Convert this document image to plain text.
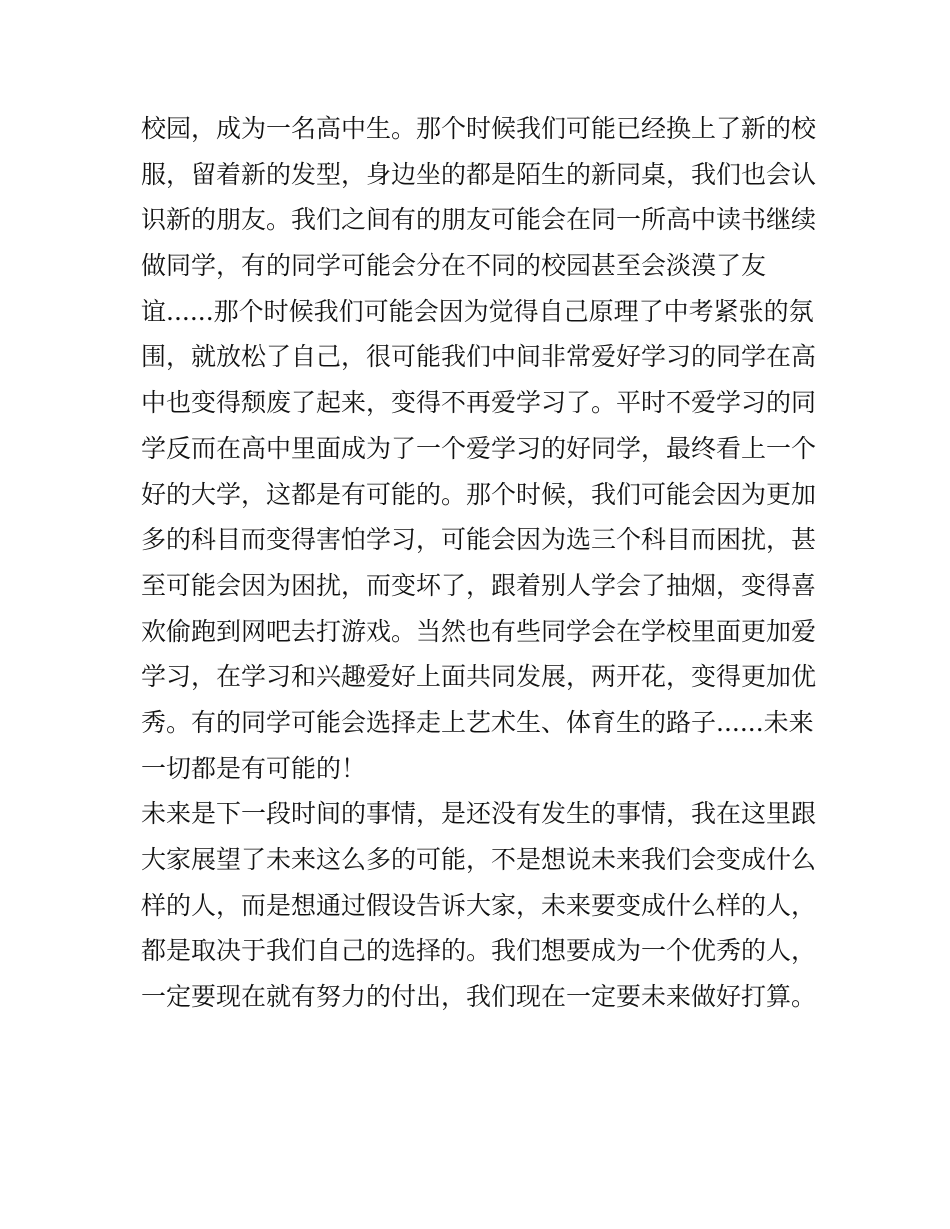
校园，成为一名高中生。那个时候我们可能已经换上了新的校
服，留着新的发型，身边坐的都是陌生的新同桌，我们也会认
识新的朋友。我们之间有的朋友可能会在同一所高中读书继续
做同学，有的同学可能会分在不同的校园甚至会淡漠了友
谊......那个时候我们可能会因为觉得自己原理了中考紧张的氛
围，就放松了自己，很可能我们中间非常爱好学习的同学在高
中也变得颓废了起来，变得不再爱学习了。平时不爱学习的同
学反而在高中里面成为了一个爱学习的好同学，最终看上一个
好的大学，这都是有可能的。那个时候，我们可能会因为更加
多的科目而变得害怕学习，可能会因为选三个科目而困扰，甚
至可能会因为困扰，而变坏了，跟着别人学会了抽烟，变得喜
欢偷跑到网吧去打游戏。当然也有些同学会在学校里面更加爱
学习，在学习和兴趣爱好上面共同发展，两开花，变得更加优
秀。有的同学可能会选择走上艺术生、体育生的路子......未来
一切都是有可能的！
未来是下一段时间的事情，是还没有发生的事情，我在这里跟
大家展望了未来这么多的可能，不是想说未来我们会变成什么
样的人，而是想通过假设告诉大家，未来要变成什么样的人，
都是取决于我们自己的选择的。我们想要成为一个优秀的人，
一定要现在就有努力的付出，我们现在一定要未来做好打算。
